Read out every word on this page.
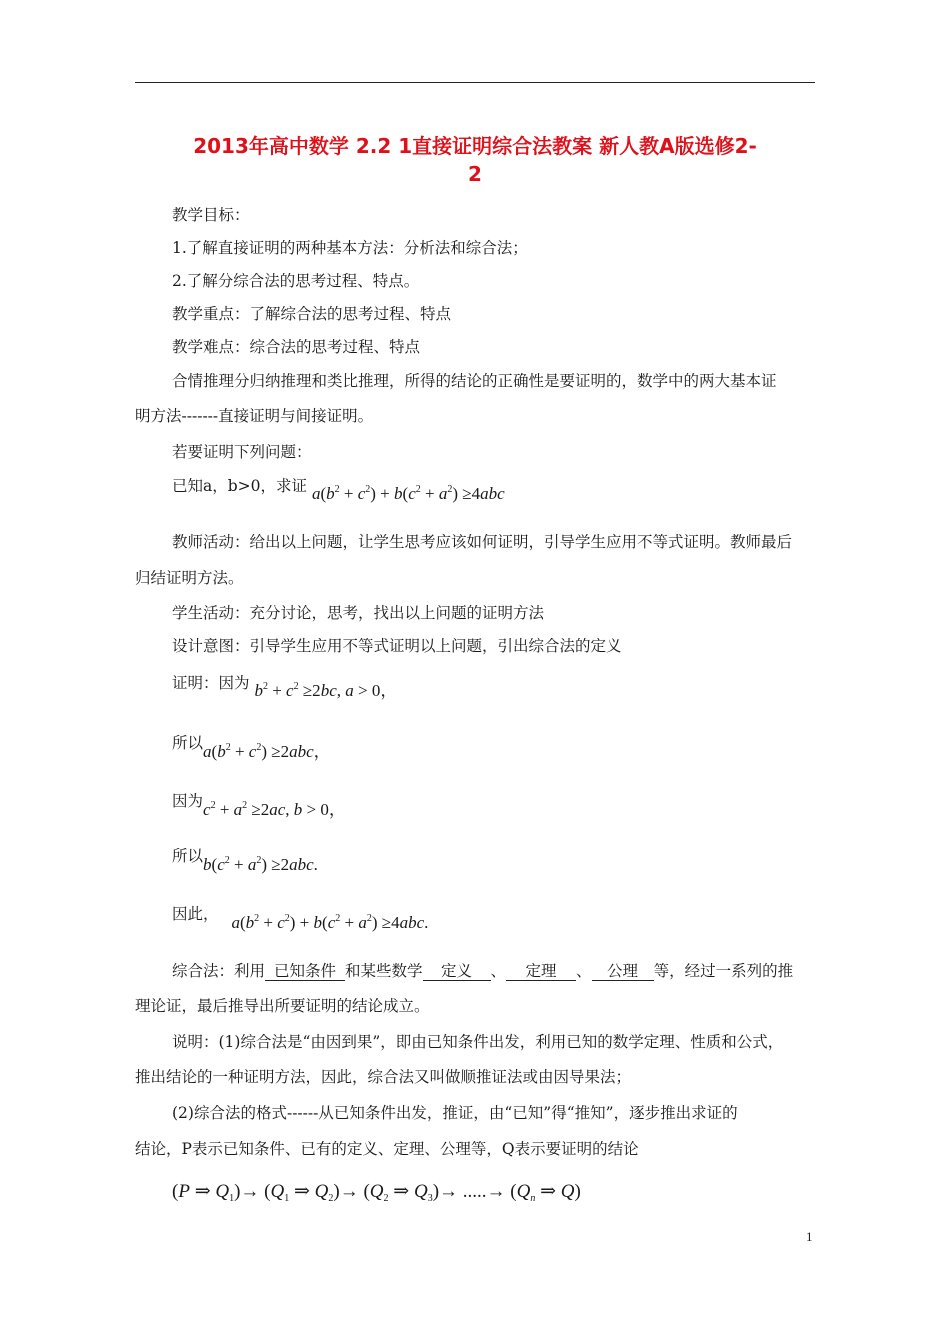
2013年高中数学 2.2 1直接证明综合法教案 新人教A版选修2-
2
教学目标：
1.了解直接证明的两种基本方法：分析法和综合法；
2.了解分综合法的思考过程、特点。
教学重点：了解综合法的思考过程、特点
教学难点：综合法的思考过程、特点
合情推理分归纳推理和类比推理，所得的结论的正确性是要证明的，数学中的两大基本证
明方法-------直接证明与间接证明。
若要证明下列问题：
已知a，b>0，求证 $a(b^2 + c^2) + b(c^2 + a^2) \ge 4abc$
教师活动：给出以上问题，让学生思考应该如何证明，引导学生应用不等式证明。教师最后
归结证明方法。
学生活动：充分讨论，思考，找出以上问题的证明方法
设计意图：引导学生应用不等式证明以上问题，引出综合法的定义
证明：因为 $b^2 + c^2 \ge 2bc$, a > 0，
所以$a(b^2 + c^2) \ge 2abc$，
因为$c^2 + a^2 \ge 2ac$, b > 0，
所以$b(c^2 + a^2) \ge 2abc$.
因此， $a(b^2 + c^2) + b(c^2 + a^2) \ge 4abc$.
综合法：利用 已知条件 和某些数学 定义 、 定理 、 公理 等，经过一系列的推
理论证，最后推导出所要证明的结论成立。
说明：(1)综合法是“由因到果”，即由已知条件出发，利用已知的数学定理、性质和公式，
推出结论的一种证明方法，因此，综合法又叫做顺推证法或由因导果法；
(2)综合法的格式------从已知条件出发，推证，由“已知”得“推知”，逐步推出求证的
结论，P表示已知条件、已有的定义、定理、公理等，Q表示要证明的结论
(P ⇒ $Q_1)\to (Q_1$ ⇒ $Q_2)\to (Q_2$ ⇒ $Q_3)\to$ .....→ ($Q_n$ ⇒ Q)
1
